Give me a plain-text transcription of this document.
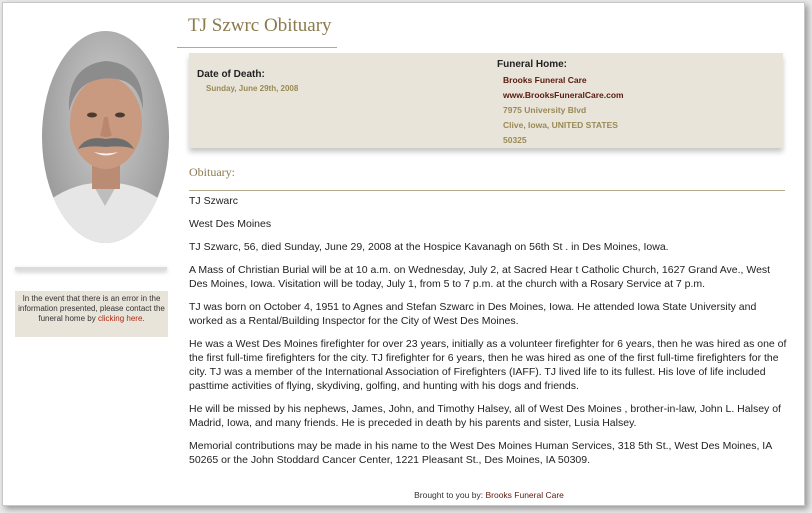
In the event that there is an error in the information presented, please contact the funeral home by clicking here.
TJ Szwrc Obituary
Date of Death:
Sunday, June 29th, 2008
Funeral Home:
Brooks Funeral Care
www.BrooksFuneralCare.com
7975 University Blvd
Clive, Iowa, UNITED STATES
50325
Obituary:

TJ Szwarc

West Des Moines

TJ Szwarc, 56, died Sunday, June 29, 2008 at the Hospice Kavanagh on 56th St . in Des Moines, Iowa.

A Mass of Christian Burial will be at 10 a.m. on Wednesday, July 2, at Sacred Hear t Catholic Church, 1627 Grand Ave., West Des Moines, Iowa. Visitation will be today, July 1, from 5 to 7 p.m. at the church with a Rosary Service at 7 p.m.

TJ was born on October 4, 1951 to Agnes and Stefan Szwarc in Des Moines, Iowa. He attended Iowa State University and worked as a Rental/Building Inspector for the City of West Des Moines.

He was a West Des Moines firefighter for over 23 years, initially as a volunteer firefighter for 6 years, then he was hired as one of the first full-time firefighters for the city. TJ firefighter for 6 years, then he was hired as one of the first full-time firefighters for the city. TJ was a member of the International Association of Firefighters (IAFF). TJ lived life to its fullest. His love of life included pasttime activities of flying, skydiving, golfing, and hunting with his dogs and friends.

He will be missed by his nephews, James, John, and Timothy Halsey, all of West Des Moines , brother-in-law, John L. Halsey of Madrid, Iowa, and many friends. He is preceded in death by his parents and sister, Lusia Halsey.

Memorial contributions may be made in his name to the West Des Moines Human Services, 318 5th St., West Des Moines, IA 50265 or the John Stoddard Cancer Center, 1221 Pleasant St., Des Moines, IA 50309.

Brought to you by: Brooks Funeral Care
